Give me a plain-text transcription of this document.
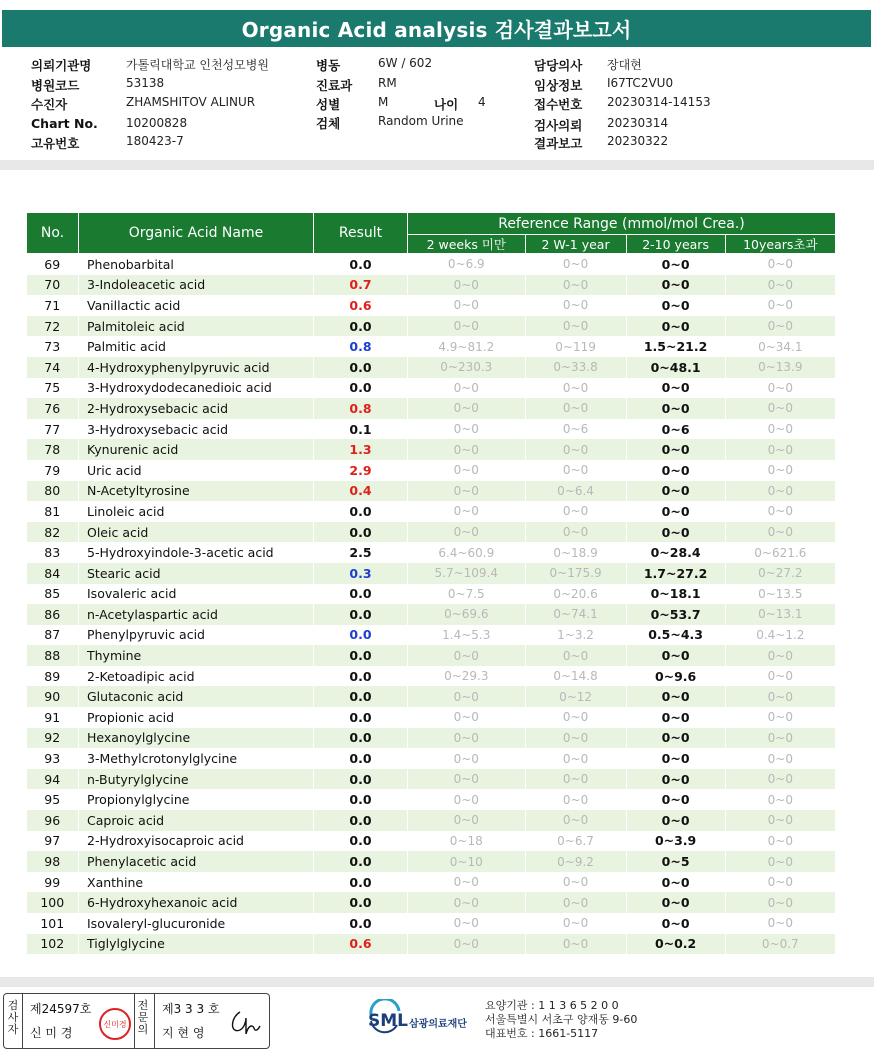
Organic Acid analysis 검사결과보고서
의뢰기관명	가톨릭대학교 인천성모병원
병원코드	53138
수진자	ZHAMSHITOV ALINUR
Chart No. 10200828
고유번호	180423-7
병동	6W / 602
진료과 RM
성별	M
검체	Random Urine
나이 4
담당의사 장대현
임상정보 I67TC2VU0
접수번호 20230314-14153
검사의뢰 20230314
결과보고 20230322
No.	Organic Acid Name	Result	Reference Range (mmol/mol Crea.)			
			2 weeks 미만	2 W-1 year	2-10 years	10years초과
69	Phenobarbital	0.0	0~6.9	0~0	0~0	0~0
70	3-Indoleacetic acid	0.7	0~0	0~0	0~0	0~0
71	Vanillactic acid	0.6	0~0	0~0	0~0	0~0
72	Palmitoleic acid	0.0	0~0	0~0	0~0	0~0
73	Palmitic acid	0.8	4.9~81.2	0~119	1.5~21.2	0~34.1
74	4-Hydroxyphenylpyruvic acid	0.0	0~230.3	0~33.8	0~48.1	0~13.9
75	3-Hydroxydodecanedioic acid	0.0	0~0	0~0	0~0	0~0
76	2-Hydroxysebacic acid	0.8	0~0	0~0	0~0	0~0
77	3-Hydroxysebacic acid	0.1	0~0	0~6	0~6	0~0
78	Kynurenic acid	1.3	0~0	0~0	0~0	0~0
79	Uric acid	2.9	0~0	0~0	0~0	0~0
80	N-Acetyltyrosine	0.4	0~0	0~6.4	0~0	0~0
81	Linoleic acid	0.0	0~0	0~0	0~0	0~0
82	Oleic acid	0.0	0~0	0~0	0~0	0~0
83	5-Hydroxyindole-3-acetic acid	2.5	6.4~60.9	0~18.9	0~28.4	0~621.6
84	Stearic acid	0.3	5.7~109.4	0~175.9	1.7~27.2	0~27.2
85	Isovaleric acid	0.0	0~7.5	0~20.6	0~18.1	0~13.5
86	n-Acetylaspartic acid	0.0	0~69.6	0~74.1	0~53.7	0~13.1
87	Phenylpyruvic acid	0.0	1.4~5.3	1~3.2	0.5~4.3	0.4~1.2
88	Thymine	0.0	0~0	0~0	0~0	0~0
89	2-Ketoadipic acid	0.0	0~29.3	0~14.8	0~9.6	0~0
90	Glutaconic acid	0.0	0~0	0~12	0~0	0~0
91	Propionic acid	0.0	0~0	0~0	0~0	0~0
92	Hexanoylglycine	0.0	0~0	0~0	0~0	0~0
93	3-Methylcrotonylglycine	0.0	0~0	0~0	0~0	0~0
94	n-Butyrylglycine	0.0	0~0	0~0	0~0	0~0
95	Propionylglycine	0.0	0~0	0~0	0~0	0~0
96	Caproic acid	0.0	0~0	0~0	0~0	0~0
97	2-Hydroxyisocaproic acid	0.0	0~18	0~6.7	0~3.9	0~0
98	Phenylacetic acid	0.0	0~10	0~9.2	0~5	0~0
99	Xanthine	0.0	0~0	0~0	0~0	0~0
100	6-Hydroxyhexanoic acid	0.0	0~0	0~0	0~0	0~0
101	Isovaleryl-glucuronide	0.0	0~0	0~0	0~0	0~0
102	Tiglylglycine	0.6	0~0	0~0	0~0.2	0~0.7
검사자
제24597호
신 미 경
신미경
전문의
제3 3 3 호
지 현 영
SML 삼광의료재단
요양기관 : 1 1 3 6 5 2 0 0
서울특별시 서초구 양재동 9-60
대표번호 : 1661-5117
